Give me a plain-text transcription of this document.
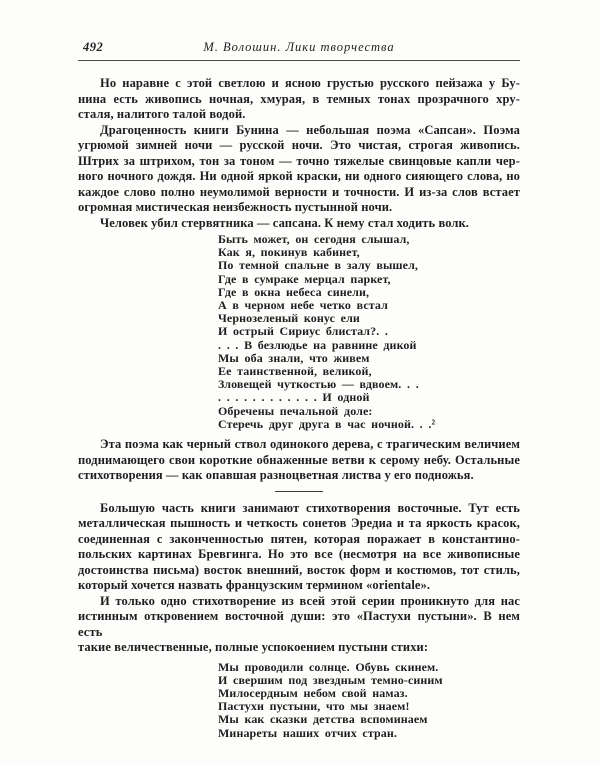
492	М. Волошин. Лики творчества
Но наравне с этой светлою и ясною грустью русского пейзажа у Бу-
нина есть живопись ночная, хмурая, в темных тонах прозрачного хру-
сталя, налитого талой водой.
Драгоценность книги Бунина — небольшая поэма «Сапсан». Поэма
угрюмой зимней ночи — русской ночи. Это чистая, строгая живопись.
Штрих за штрихом, тон за тоном — точно тяжелые свинцовые капли чер-
ного ночного дождя. Ни одной яркой краски, ни одного сияющего слова, но
каждое слово полно неумолимой верности и точности. И из-за слов встает
огромная мистическая неизбежность пустынной ночи.
Человек убил стервятника — сапсана. К нему стал ходить волк.
Быть может, он сегодня слышал,
Как я, покинув кабинет,
По темной спальне в залу вышел,
Где в сумраке мерцал паркет,
Где в окна небеса синели,
А в черном небе четко встал
Чернозеленый конус ели
И острый Сириус блистал?. .
. . . В безлюдье на равнине дикой
Мы оба знали, что живем
Ее таинственной, великой,
Зловещей чуткостью — вдвоем. . .
. . . . . . . . . . . . И одной
Обречены печальной доле:
Стеречь друг друга в час ночной. . .²
Эта поэма как черный ствол одинокого дерева, с трагическим величием
поднимающего свои короткие обнаженные ветви к серому небу. Остальные
стихотворения — как опавшая разноцветная листва у его подножья.
Большую часть книги занимают стихотворения восточные. Тут есть
металлическая пышность и четкость сонетов Эредиа и та яркость красок,
соединенная с законченностью пятен, которая поражает в константино-
польских картинах Бревгинга. Но это все (несмотря на все живописные
достоинства письма) восток внешний, восток форм и костюмов, тот стиль,
который хочется назвать французским термином «orientale».
И только одно стихотворение из всей этой серии проникнуто для нас
истинным откровением восточной души: это «Пастухи пустыни». В нем есть
такие величественные, полные успокоением пустыни стихи:
Мы проводили солнце. Обувь скинем.
И свершим под звездным темно-синим
Милосердным небом свой намаз.
Пастухи пустыни, что мы знаем!
Мы как сказки детства вспоминаем
Минареты наших отчих стран.
